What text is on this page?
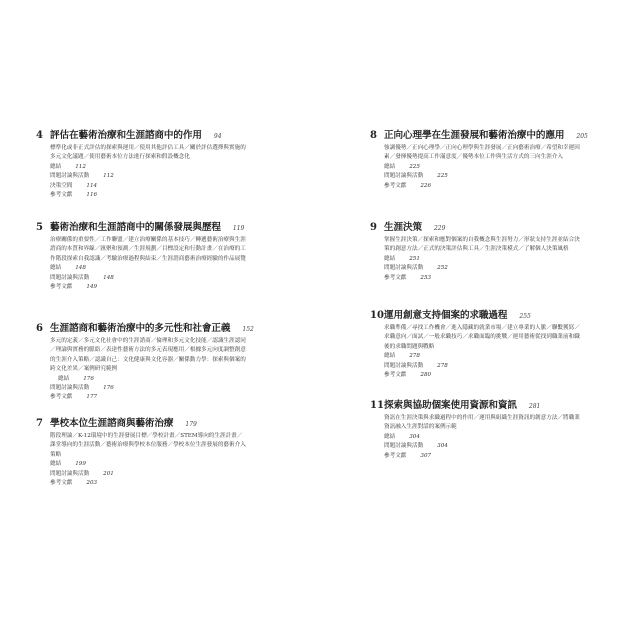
4 評估在藝術治療和生涯諮商中的作用 94

標準化或非正式評估的探索與運用／使用其他評估工具／關於評估選擇與實施的多元文化議題／使用藝術本位方法進行探索和假設概念化

總結	112

問題討論與活動	112

決策空間	114

參考文獻	116

5 藝術治療和生涯諮商中的關係發展與歷程 119

治療關係的重要性／工作聯盟／建立治療關係的基本技巧／轉遞藝術治療與生涯諮商的本質和界線／匯聚和預測／生涯規劃／目標設定和行動計畫／在治療的工作階段探索自我認識／考驗治療過程與結束／生涯諮商藝術治療經驗的作品展覽

總結	148

問題討論與活動	148

參考文獻	149

6 生涯諮商和藝術治療中的多元性和社會正義 152

多元的定義／多元文化社會中的生涯諮商／倫理和多元文化技能／認識生涯認同／理論與實務的脈絡／表達性藝術方法的多元表現應用／根據多元向度調整創意的生涯介入策略／認識自己：文化健康與文化容器／關係動力學：探索與個案的跨文化差異／案例研究範例

總結	176

問題討論與活動	176

參考文獻	177

7 學校本位生涯諮商與藝術治療 179

階段理論／K-12環境中的生涯發展目標／學校計畫／STEM導向的生涯計畫／課堂導向的生涯活動／藝術治療與學校本位服務／學校本位生涯發展的藝術介入策略

總結	199

問題討論與活動	201

參考文獻	203

8 正向心理學在生涯發展和藝術治療中的應用 205

強調優勢／正向心理學／正向心理學與生涯發展／正向藝術治療／希望和幸運因素／發揮優勢提高工作滿意度／優勢本位工作與生活方式的三向生涯介入

總結	225

問題討論與活動	225

參考文獻	226

9 生涯決策 229

掌握生涯決策／探索和應對個案的自我概念與生涯努力／形狀支持生涯並結合決策的創意方法／正式的決策評估與工具／生涯決策模式／了解個人決策風格

總結	251

問題討論與活動	252

參考文獻	253

10 運用創意支持個案的求職過程 255

求職準備／尋找工作機會／進入隱藏的就業市場／建立專業的人脈／聯繫獲寫／求職意向／面試／一般求職技巧／求職面臨的挑戰／運用藝術從找到職業前和職後的求職問題與戰略

總結	278

問題討論與活動	278

參考文獻	280

11 探索與協助個案使用資源和資訊 281

資訊在生涯決策與求職過程中的作用／運用與組織生涯資訊的創意方法／將職業資訊融入生涯對話的案例示範

總結	304

問題討論與活動	304

參考文獻	307
